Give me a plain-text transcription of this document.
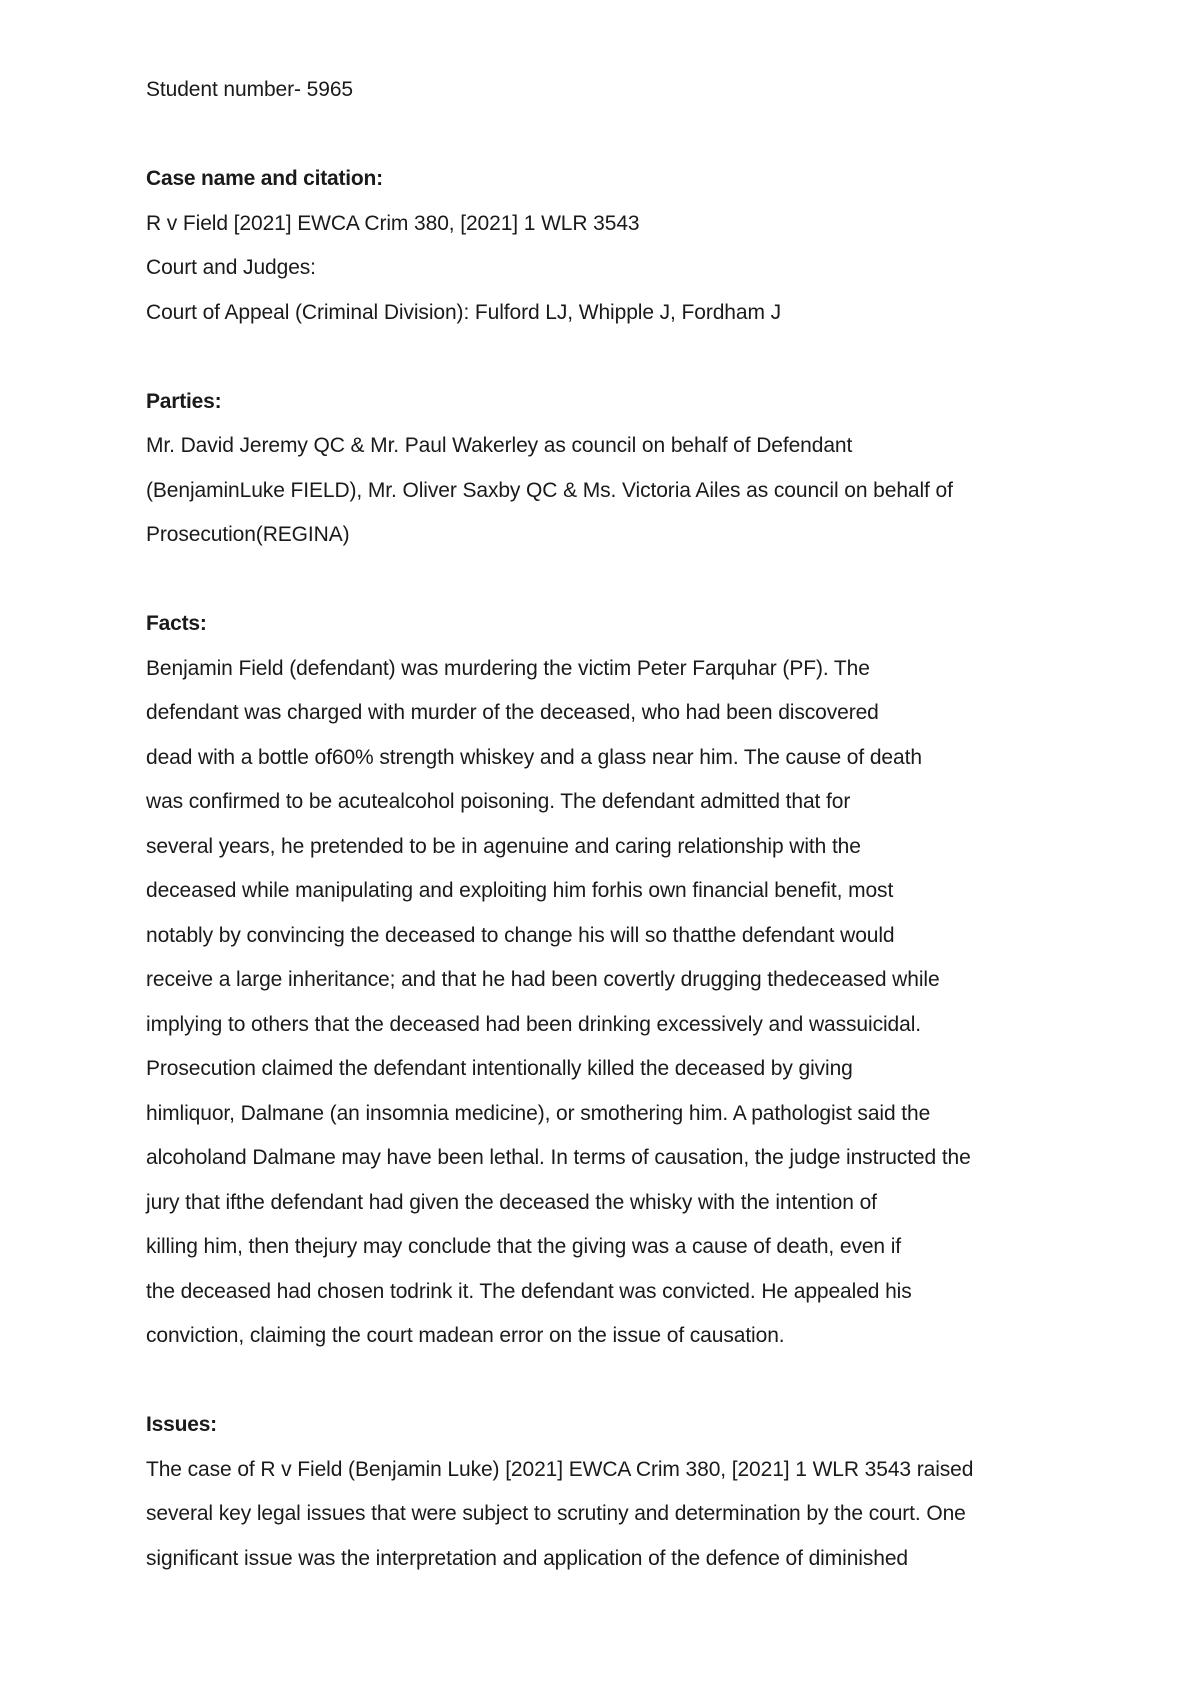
Student number- 5965
Case name and citation:
R v Field [2021] EWCA Crim 380, [2021] 1 WLR 3543
Court and Judges:
Court of Appeal (Criminal Division): Fulford LJ, Whipple J, Fordham J
Parties:
Mr. David Jeremy QC & Mr. Paul Wakerley as council on behalf of Defendant
(BenjaminLuke FIELD), Mr. Oliver Saxby QC & Ms. Victoria Ailes as council on behalf of
Prosecution(REGINA)
Facts:
Benjamin Field (defendant) was murdering the victim Peter Farquhar (PF). The
defendant was charged with murder of the deceased, who had been discovered
dead with a bottle of60% strength whiskey and a glass near him. The cause of death
was confirmed to be acutealcohol poisoning. The defendant admitted that for
several years, he pretended to be in agenuine and caring relationship with the
deceased while manipulating and exploiting him forhis own financial benefit, most
notably by convincing the deceased to change his will so thatthe defendant would
receive a large inheritance; and that he had been covertly drugging thedeceased while
implying to others that the deceased had been drinking excessively and wassuicidal.
Prosecution claimed the defendant intentionally killed the deceased by giving
himliquor, Dalmane (an insomnia medicine), or smothering him. A pathologist said the
alcoholand Dalmane may have been lethal. In terms of causation, the judge instructed the
jury that ifthe defendant had given the deceased the whisky with the intention of
killing him, then thejury may conclude that the giving was a cause of death, even if
the deceased had chosen todrink it. The defendant was convicted. He appealed his
conviction, claiming the court madean error on the issue of causation.
Issues:
The case of R v Field (Benjamin Luke) [2021] EWCA Crim 380, [2021] 1 WLR 3543 raised
several key legal issues that were subject to scrutiny and determination by the court. One
significant issue was the interpretation and application of the defence of diminished
